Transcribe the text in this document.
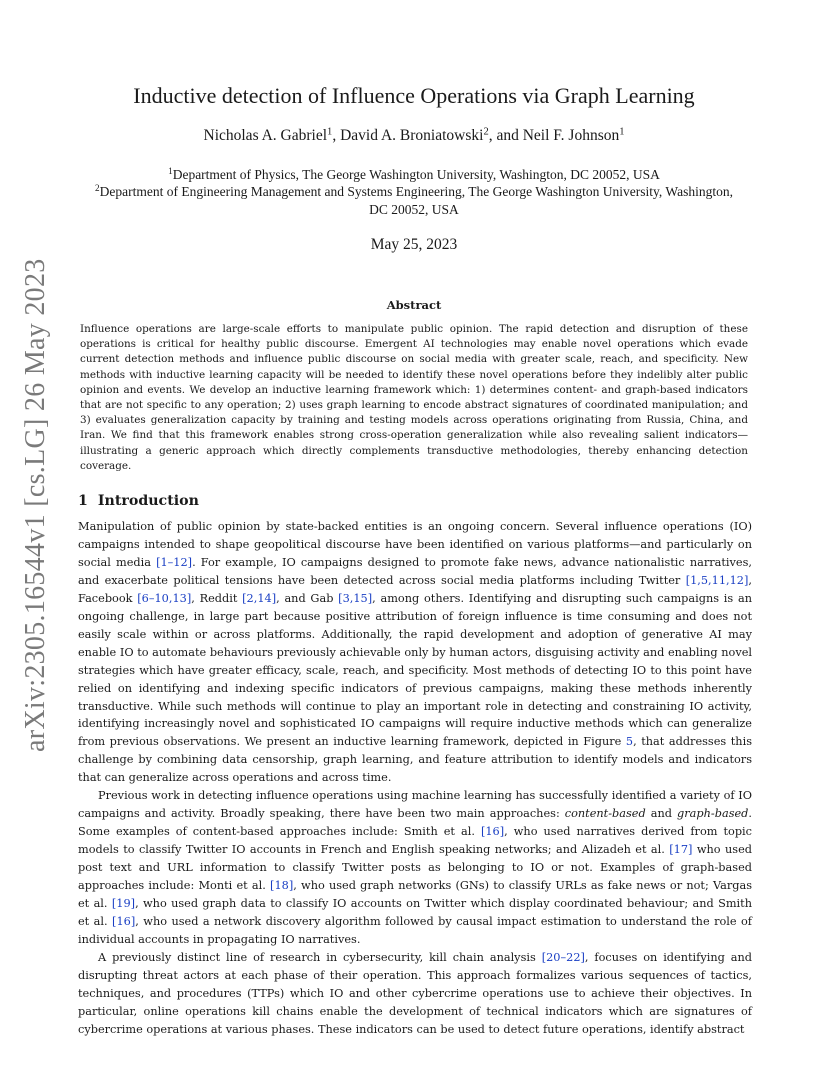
arXiv:2305.16544v1 [cs.LG] 26 May 2023
Inductive detection of Influence Operations via Graph Learning
Nicholas A. Gabriel$^1$, David A. Broniatowski$^2$, and Neil F. Johnson$^1$
$^1$Department of Physics, The George Washington University, Washington, DC 20052, USA
$^2$Department of Engineering Management and Systems Engineering, The George Washington University, Washington, DC 20052, USA
May 25, 2023
Abstract
Influence operations are large-scale efforts to manipulate public opinion. The rapid detection and disruption of these operations is critical for healthy public discourse. Emergent AI technologies may enable novel operations which evade current detection methods and influence public discourse on social media with greater scale, reach, and specificity. New methods with inductive learning capacity will be needed to identify these novel operations before they indelibly alter public opinion and events. We develop an inductive learning framework which: 1) determines content- and graph-based indicators that are not specific to any operation; 2) uses graph learning to encode abstract signatures of coordinated manipulation; and 3) evaluates generalization capacity by training and testing models across operations originating from Russia, China, and Iran. We find that this framework enables strong cross-operation generalization while also revealing salient indicators—illustrating a generic approach which directly complements transductive methodologies, thereby enhancing detection coverage.
1 Introduction

Manipulation of public opinion by state-backed entities is an ongoing concern. Several influence operations (IO) campaigns intended to shape geopolitical discourse have been identified on various platforms—and particularly on social media [1–12]. For example, IO campaigns designed to promote fake news, advance nationalistic narratives, and exacerbate political tensions have been detected across social media platforms including Twitter [1,5,11,12], Facebook [6–10,13], Reddit [2,14], and Gab [3,15], among others. Identifying and disrupting such campaigns is an ongoing challenge, in large part because positive attribution of foreign influence is time consuming and does not easily scale within or across platforms. Additionally, the rapid development and adoption of generative AI may enable IO to automate behaviours previously achievable only by human actors, disguising activity and enabling novel strategies which have greater efficacy, scale, reach, and specificity. Most methods of detecting IO to this point have relied on identifying and indexing specific indicators of previous campaigns, making these methods inherently transductive. While such methods will continue to play an important role in detecting and constraining IO activity, identifying increasingly novel and sophisticated IO campaigns will require inductive methods which can generalize from previous observations. We present an inductive learning framework, depicted in Figure 5, that addresses this challenge by combining data censorship, graph learning, and feature attribution to identify models and indicators that can generalize across operations and across time.

Previous work in detecting influence operations using machine learning has successfully identified a variety of IO campaigns and activity. Broadly speaking, there have been two main approaches: content-based and graph-based. Some examples of content-based approaches include: Smith et al. [16], who used narratives derived from topic models to classify Twitter IO accounts in French and English speaking networks; and Alizadeh et al. [17] who used post text and URL information to classify Twitter posts as belonging to IO or not. Examples of graph-based approaches include: Monti et al. [18], who used graph networks (GNs) to classify URLs as fake news or not; Vargas et al. [19], who used graph data to classify IO accounts on Twitter which display coordinated behaviour; and Smith et al. [16], who used a network discovery algorithm followed by causal impact estimation to understand the role of individual accounts in propagating IO narratives.

A previously distinct line of research in cybersecurity, kill chain analysis [20–22], focuses on identifying and disrupting threat actors at each phase of their operation. This approach formalizes various sequences of tactics, techniques, and procedures (TTPs) which IO and other cybercrime operations use to achieve their objectives. In particular, online operations kill chains enable the development of technical indicators which are signatures of cybercrime operations at various phases. These indicators can be used to detect future operations, identify abstract
